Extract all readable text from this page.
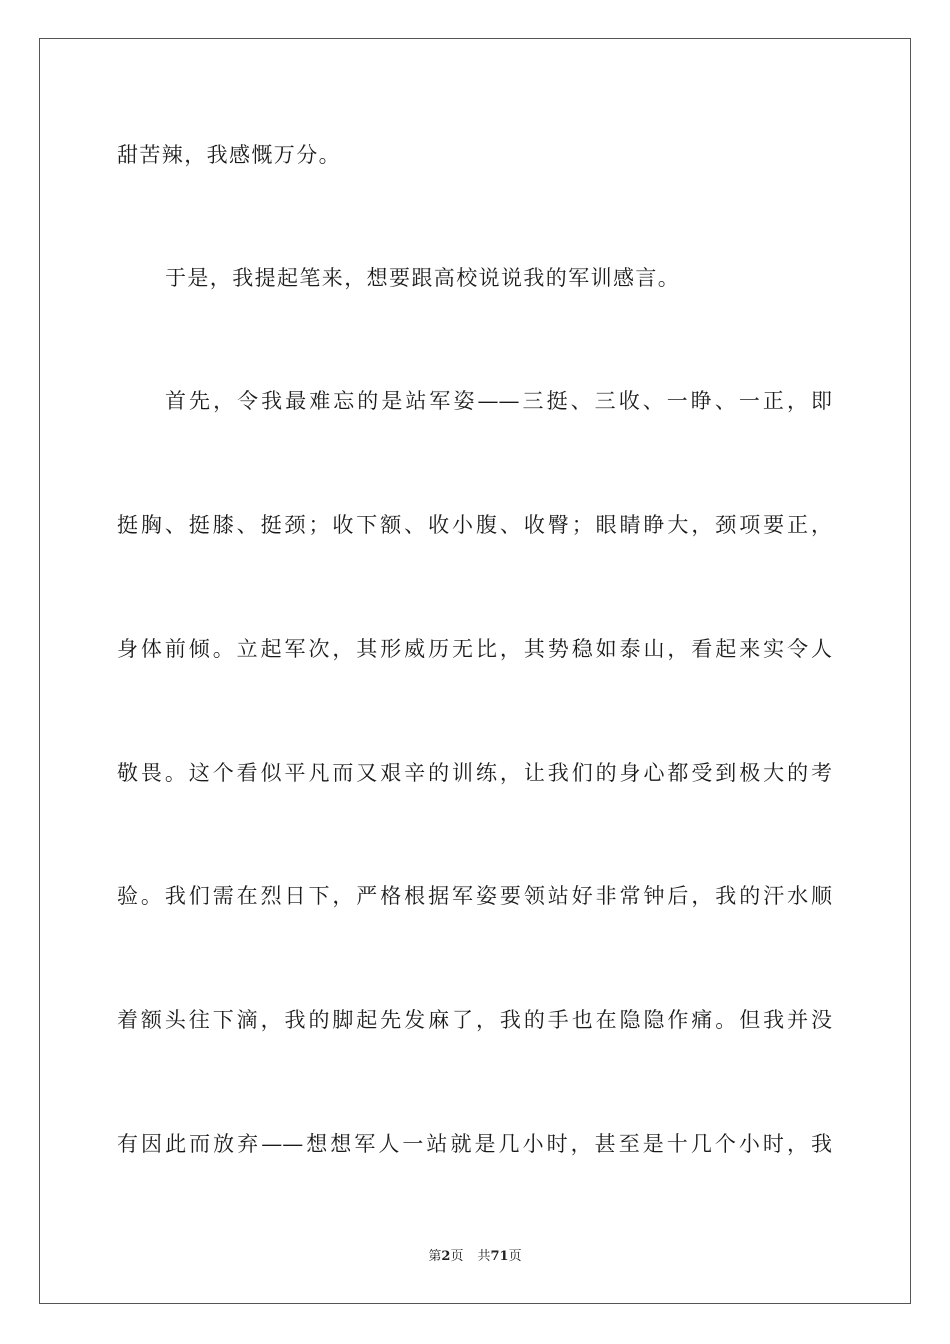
甜苦辣，我感慨万分。
于是，我提起笔来，想要跟高校说说我的军训感言。
首先，令我最难忘的是站军姿——三挺、三收、一睁、一正，即
挺胸、挺膝、挺颈；收下额、收小腹、收臀；眼睛睁大，颈项要正，
身体前倾。立起军次，其形威历无比，其势稳如泰山，看起来实令人
敬畏。这个看似平凡而又艰辛的训练，让我们的身心都受到极大的考
验。我们需在烈日下，严格根据军姿要领站好非常钟后，我的汗水顺
着额头往下滴，我的脚起先发麻了，我的手也在隐隐作痛。但我并没
有因此而放弃——想想军人一站就是几小时，甚至是十几个小时，我
第2页 共71页
